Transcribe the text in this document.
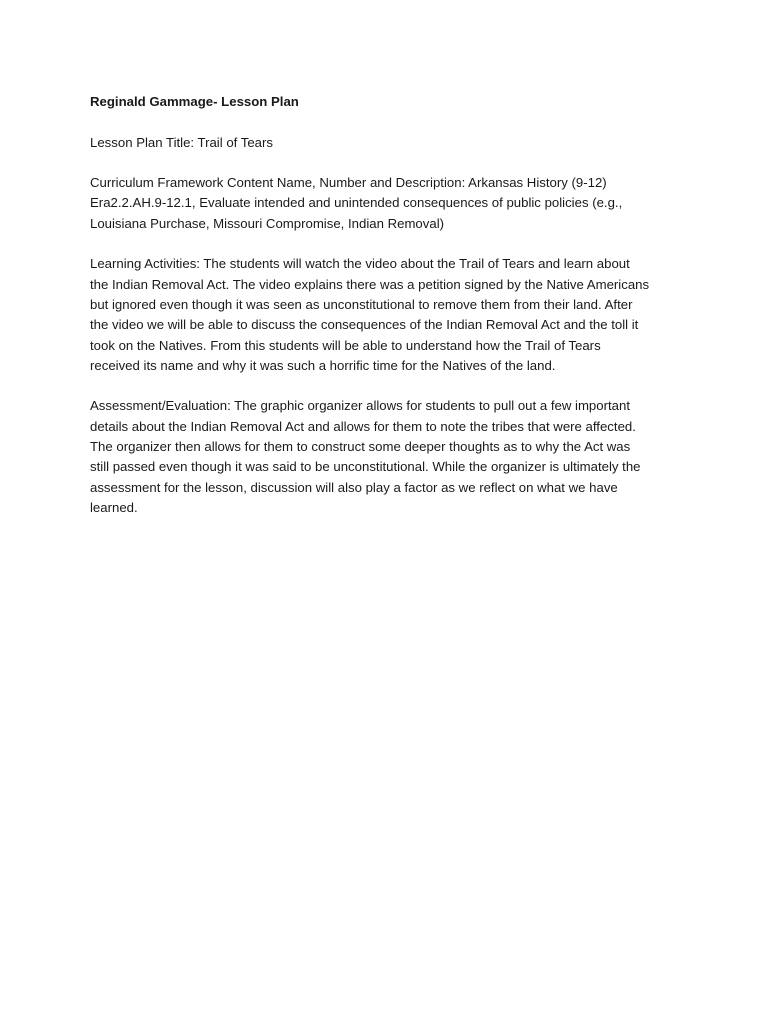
Reginald Gammage- Lesson Plan

Lesson Plan Title: Trail of Tears

Curriculum Framework Content Name, Number and Description: Arkansas History (9-12)
Era2.2.AH.9-12.1, Evaluate intended and unintended consequences of public policies (e.g.,
Louisiana Purchase, Missouri Compromise, Indian Removal)

Learning Activities: The students will watch the video about the Trail of Tears and learn about
the Indian Removal Act. The video explains there was a petition signed by the Native Americans
but ignored even though it was seen as unconstitutional to remove them from their land. After
the video we will be able to discuss the consequences of the Indian Removal Act and the toll it
took on the Natives. From this students will be able to understand how the Trail of Tears
received its name and why it was such a horrific time for the Natives of the land.

Assessment/Evaluation: The graphic organizer allows for students to pull out a few important
details about the Indian Removal Act and allows for them to note the tribes that were affected.
The organizer then allows for them to construct some deeper thoughts as to why the Act was
still passed even though it was said to be unconstitutional. While the organizer is ultimately the
assessment for the lesson, discussion will also play a factor as we reflect on what we have
learned.
